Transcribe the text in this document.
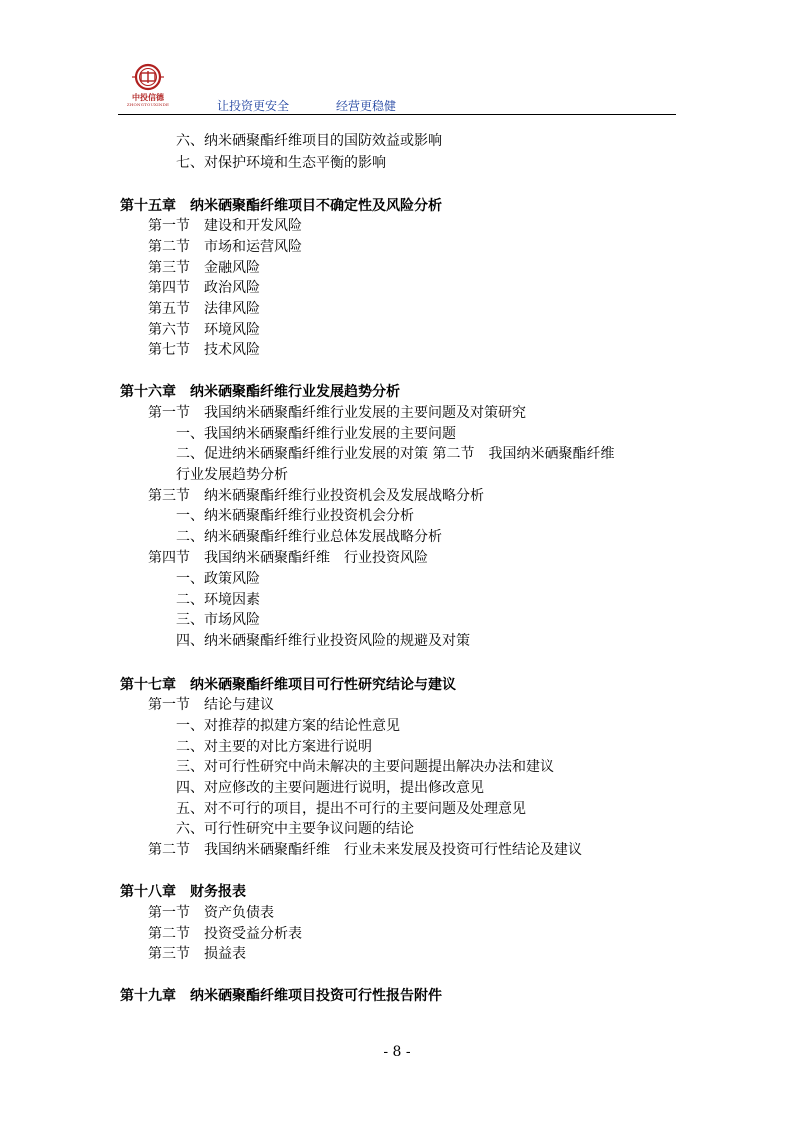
中投信德
ZHONGTOUXINDE	让投资更安全	经营更稳健
六、纳米硒聚酯纤维项目的国防效益或影响
七、对保护环境和生态平衡的影响
第十五章　纳米硒聚酯纤维项目不确定性及风险分析
第一节　建设和开发风险
第二节　市场和运营风险
第三节　金融风险
第四节　政治风险
第五节　法律风险
第六节　环境风险
第七节　技术风险
第十六章　纳米硒聚酯纤维行业发展趋势分析
第一节　我国纳米硒聚酯纤维行业发展的主要问题及对策研究
一、我国纳米硒聚酯纤维行业发展的主要问题
二、促进纳米硒聚酯纤维行业发展的对策 第二节　我国纳米硒聚酯纤维
行业发展趋势分析
第三节　纳米硒聚酯纤维行业投资机会及发展战略分析
一、纳米硒聚酯纤维行业投资机会分析
二、纳米硒聚酯纤维行业总体发展战略分析
第四节　我国纳米硒聚酯纤维　行业投资风险
一、政策风险
二、环境因素
三、市场风险
四、纳米硒聚酯纤维行业投资风险的规避及对策
第十七章　纳米硒聚酯纤维项目可行性研究结论与建议
第一节　结论与建议
一、对推荐的拟建方案的结论性意见
二、对主要的对比方案进行说明
三、对可行性研究中尚未解决的主要问题提出解决办法和建议
四、对应修改的主要问题进行说明，提出修改意见
五、对不可行的项目，提出不可行的主要问题及处理意见
六、可行性研究中主要争议问题的结论
第二节　我国纳米硒聚酯纤维　行业未来发展及投资可行性结论及建议
第十八章　财务报表
第一节　资产负债表
第二节　投资受益分析表
第三节　损益表
第十九章　纳米硒聚酯纤维项目投资可行性报告附件
- 8 -
